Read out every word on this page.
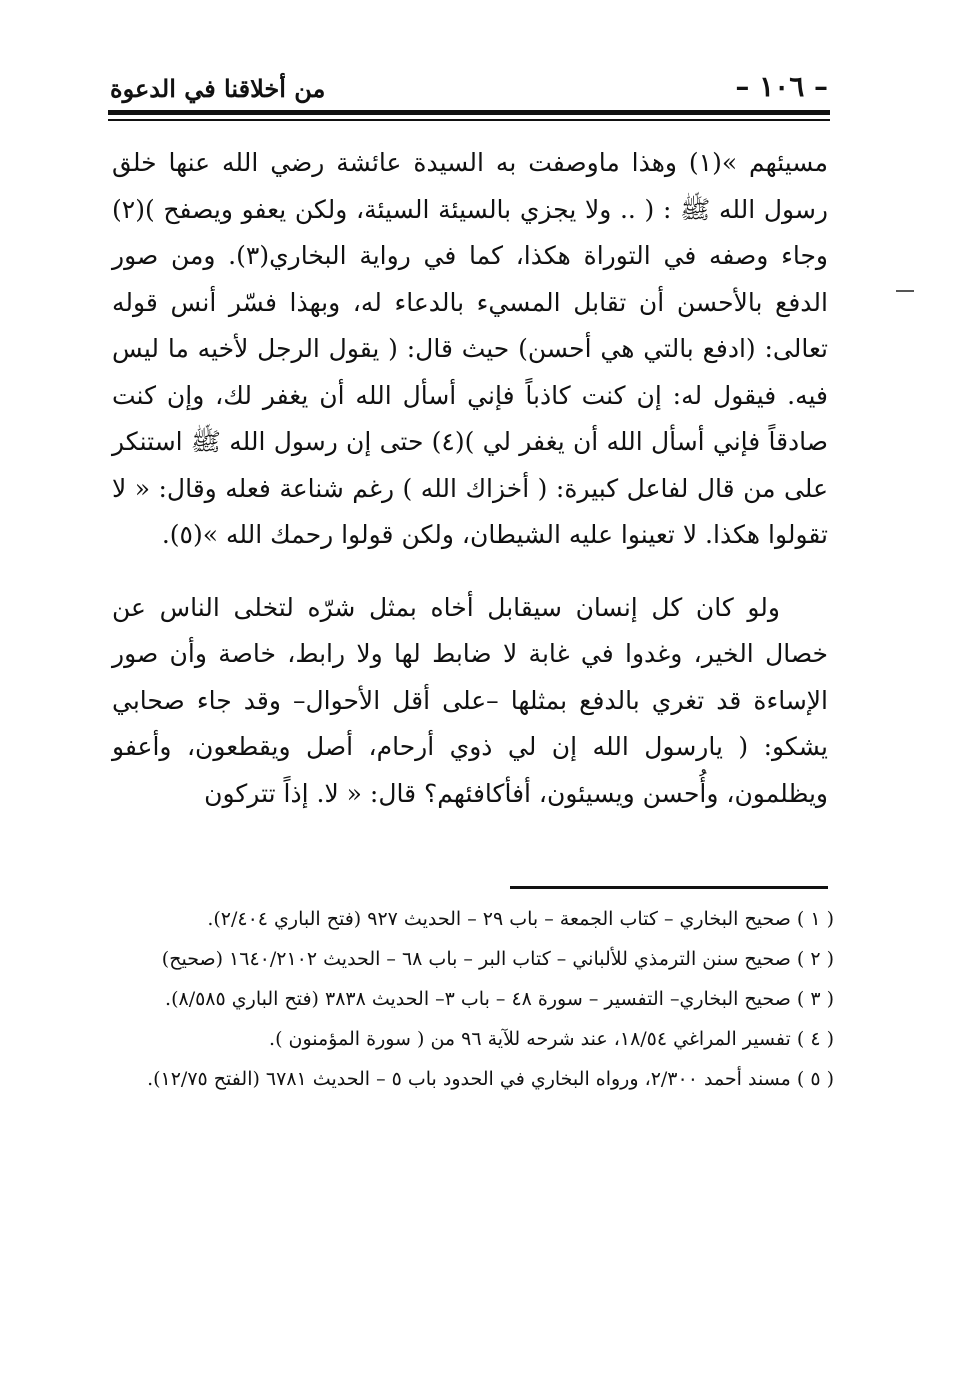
– ١٠٦ –
من أخلاقنا في الدعوة

مسيئهم »(١) وهذا ماوصفت به السيدة عائشة رضي الله عنها خلق رسول الله ﷺ : ( .. ولا يجزي بالسيئة السيئة، ولكن يعفو ويصفح )(٢) وجاء وصفه في التوراة هكذا، كما في رواية البخاري(٣). ومن صور الدفع بالأحسن أن تقابل المسيء بالدعاء له، وبهذا فسّر أنس قوله تعالى: (ادفع بالتي هي أحسن) حيث قال: ( يقول الرجل لأخيه ما ليس فيه. فيقول له: إن كنت كاذباً فإني أسأل الله أن يغفر لك، وإن كنت صادقاً فإني أسأل الله أن يغفر لي )(٤) حتى إن رسول الله ﷺ استنكر على من قال لفاعل كبيرة: ( أخزاك الله ) رغم شناعة فعله وقال: « لا تقولوا هكذا. لا تعينوا عليه الشيطان، ولكن قولوا رحمك الله »(٥).

ولو كان كل إنسان سيقابل أخاه بمثل شرّه لتخلى الناس عن خصال الخير، وغدوا في غابة لا ضابط لها ولا رابط، خاصة وأن صور الإساءة قد تغري بالدفع بمثلها –على أقل الأحوال– وقد جاء صحابي يشكو: ( يارسول الله إن لي ذوي أرحام، أصل ويقطعون، وأعفو ويظلمون، وأُحسن ويسيئون، أفأكافئهم؟ قال: « لا. إذاً تتركون

( ١ ) صحيح البخاري – كتاب الجمعة – باب ٢٩ – الحديث ٩٢٧ (فتح الباري ٢/٤٠٤).

( ٢ ) صحيح سنن الترمذي للألباني – كتاب البر – باب ٦٨ – الحديث ١٦٤٠/٢١٠٢ (صحيح)

( ٣ ) صحيح البخاري– التفسير – سورة ٤٨ – باب ٣– الحديث ٣٨٣٨ (فتح الباري ٨/٥٨٥).

( ٤ ) تفسير المراغي ١٨/٥٤، عند شرحه للآية ٩٦ من ( سورة المؤمنون ).

( ٥ ) مسند أحمد ٢/٣٠٠، ورواه البخاري في الحدود باب ٥ – الحديث ٦٧٨١ (الفتح ١٢/٧٥).
